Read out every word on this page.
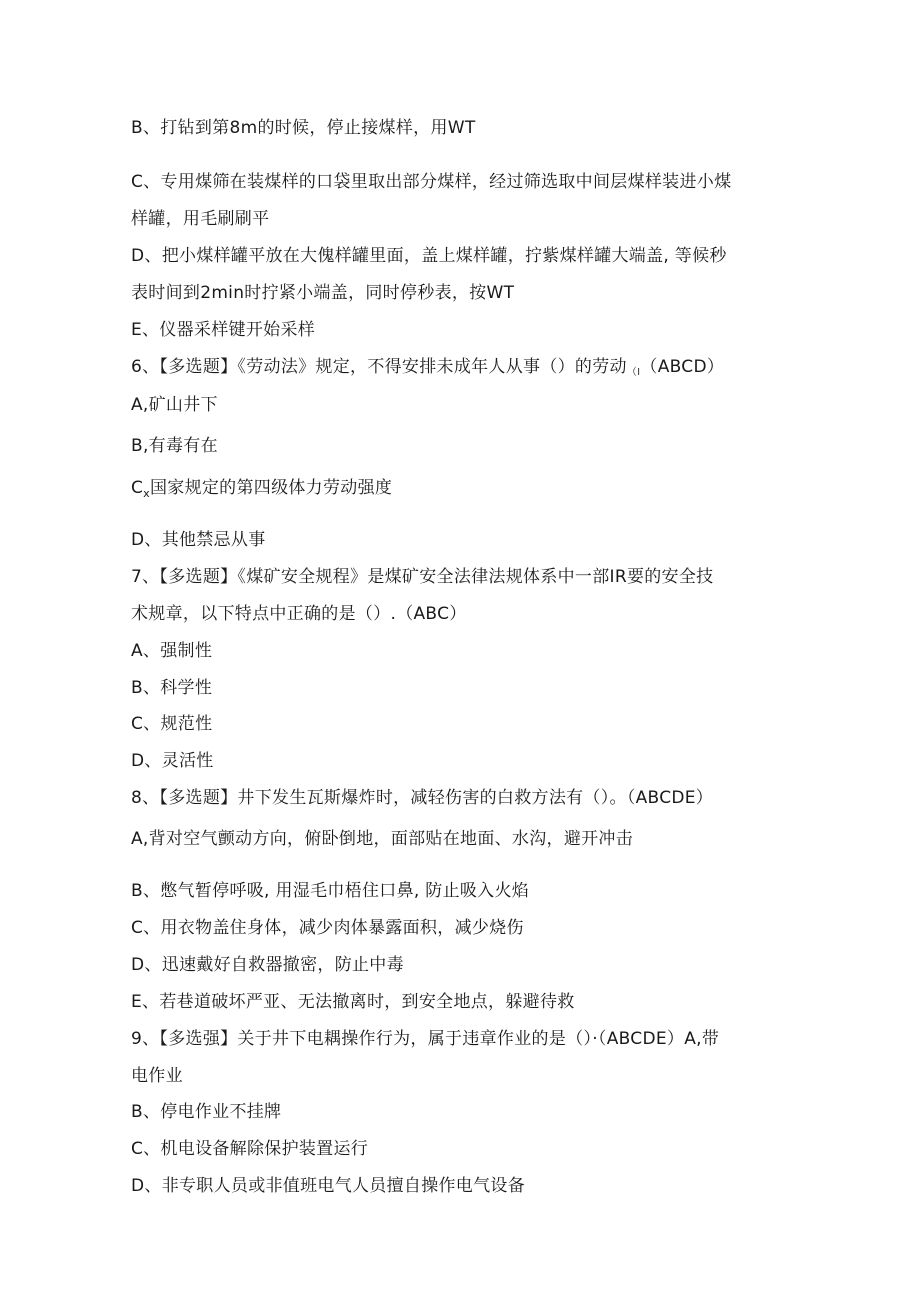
B、打钻到第8m的时候，停止接煤样，用WT
C、专用煤筛在装煤样的口袋里取出部分煤样，经过筛选取中间层煤样装进小煤
样罐，用毛刷刷平
D、把小煤样罐平放在大傀样罐里面，盖上煤样罐，拧紫煤样罐大端盖, 等候秒
表时间到2min时拧紧小端盖，同时停秒表，按WT
E、仪器采样键开始采样
6、【多选题】《劳动法》规定，不得安排未成年人从事（）的劳动（I（ABCD）
A,矿山井下
B,有毒有在
$C_x$国家规定的第四级体力劳动强度
D、其他禁忌从事
7、【多选题】《煤矿安全规程》是煤矿安全法律法规体系中一部IR要的安全技
术规章，以下特点中正确的是（）.（ABC）
A、强制性
B、科学性
C、规范性
D、灵活性
8、【多选题】井下发生瓦斯爆炸时，减轻伤害的白救方法有（）。（ABCDE）
A,背对空气颤动方向，俯卧倒地，面部贴在地面、水沟，避开冲击
B、憋气暂停呼吸, 用湿毛巾梧住口鼻, 防止吸入火焰
C、用衣物盖住身体，减少肉体暴露面积，减少烧伤
D、迅速戴好自救器撤密，防止中毒
E、若巷道破坏严亚、无法撤离时，到安全地点，躲避待救
9、【多选强】关于井下电耦操作行为，属于违章作业的是（）·（ABCDE）A,带
电作业
B、停电作业不挂牌
C、机电设备解除保护装置运行
D、非专职人员或非值班电气人员擅自操作电气设备
